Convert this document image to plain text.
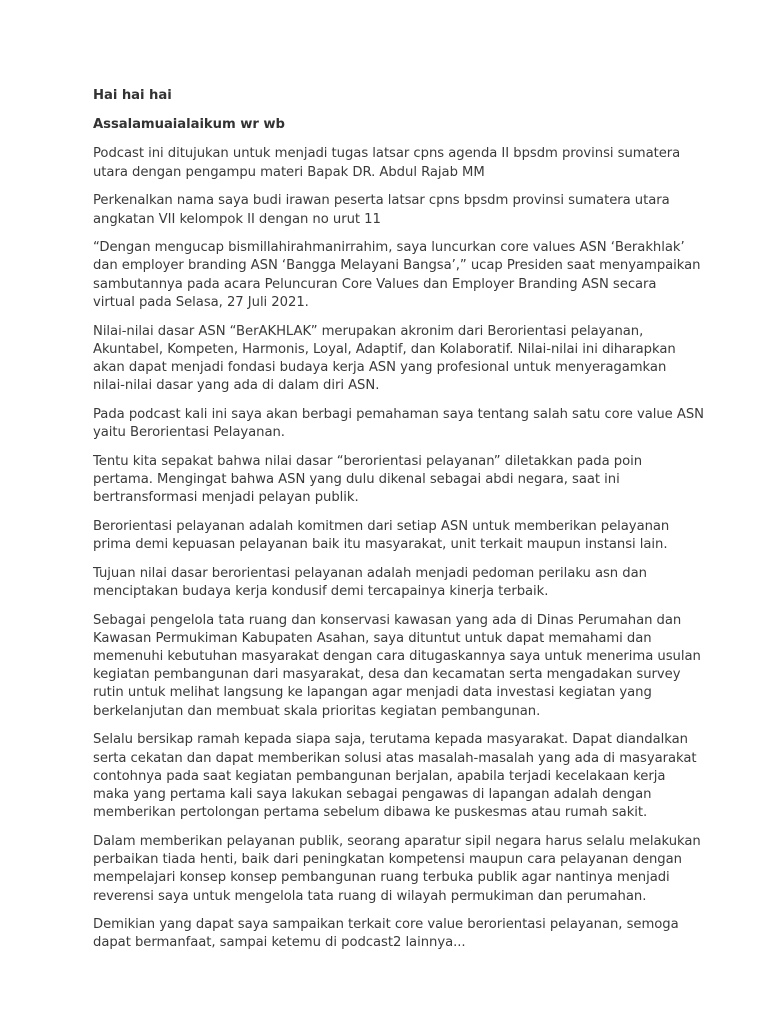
Hai hai hai
Assalamuaialaikum wr wb
Podcast ini ditujukan untuk menjadi tugas latsar cpns agenda II bpsdm provinsi sumatera
utara dengan pengampu materi Bapak DR. Abdul Rajab MM
Perkenalkan nama saya budi irawan peserta latsar cpns bpsdm provinsi sumatera utara
angkatan VII kelompok II dengan no urut 11
“Dengan mengucap bismillahirahmanirrahim, saya luncurkan core values ASN ‘Berakhlak’
dan employer branding ASN ‘Bangga Melayani Bangsa’,” ucap Presiden saat menyampaikan
sambutannya pada acara Peluncuran Core Values dan Employer Branding ASN secara
virtual pada Selasa, 27 Juli 2021.
Nilai-nilai dasar ASN “BerAKHLAK” merupakan akronim dari Berorientasi pelayanan,
Akuntabel, Kompeten, Harmonis, Loyal, Adaptif, dan Kolaboratif. Nilai-nilai ini diharapkan
akan dapat menjadi fondasi budaya kerja ASN yang profesional untuk menyeragamkan
nilai-nilai dasar yang ada di dalam diri ASN.
Pada podcast kali ini saya akan berbagi pemahaman saya tentang salah satu core value ASN
yaitu Berorientasi Pelayanan.
Tentu kita sepakat bahwa nilai dasar “berorientasi pelayanan” diletakkan pada poin
pertama. Mengingat bahwa ASN yang dulu dikenal sebagai abdi negara, saat ini
bertransformasi menjadi pelayan publik.
Berorientasi pelayanan adalah komitmen dari setiap ASN untuk memberikan pelayanan
prima demi kepuasan pelayanan baik itu masyarakat, unit terkait maupun instansi lain.
Tujuan nilai dasar berorientasi pelayanan adalah menjadi pedoman perilaku asn dan
menciptakan budaya kerja kondusif demi tercapainya kinerja terbaik.
Sebagai pengelola tata ruang dan konservasi kawasan yang ada di Dinas Perumahan dan
Kawasan Permukiman Kabupaten Asahan, saya dituntut untuk dapat memahami dan
memenuhi kebutuhan masyarakat dengan cara ditugaskannya saya untuk menerima usulan
kegiatan pembangunan dari masyarakat, desa dan kecamatan serta mengadakan survey
rutin untuk melihat langsung ke lapangan agar menjadi data investasi kegiatan yang
berkelanjutan dan membuat skala prioritas kegiatan pembangunan.
Selalu bersikap ramah kepada siapa saja, terutama kepada masyarakat. Dapat diandalkan
serta cekatan dan dapat memberikan solusi atas masalah-masalah yang ada di masyarakat
contohnya pada saat kegiatan pembangunan berjalan, apabila terjadi kecelakaan kerja
maka yang pertama kali saya lakukan sebagai pengawas di lapangan adalah dengan
memberikan pertolongan pertama sebelum dibawa ke puskesmas atau rumah sakit.
Dalam memberikan pelayanan publik, seorang aparatur sipil negara harus selalu melakukan
perbaikan tiada henti, baik dari peningkatan kompetensi maupun cara pelayanan dengan
mempelajari konsep konsep pembangunan ruang terbuka publik agar nantinya menjadi
reverensi saya untuk mengelola tata ruang di wilayah permukiman dan perumahan.
Demikian yang dapat saya sampaikan terkait core value berorientasi pelayanan, semoga
dapat bermanfaat, sampai ketemu di podcast2 lainnya...
